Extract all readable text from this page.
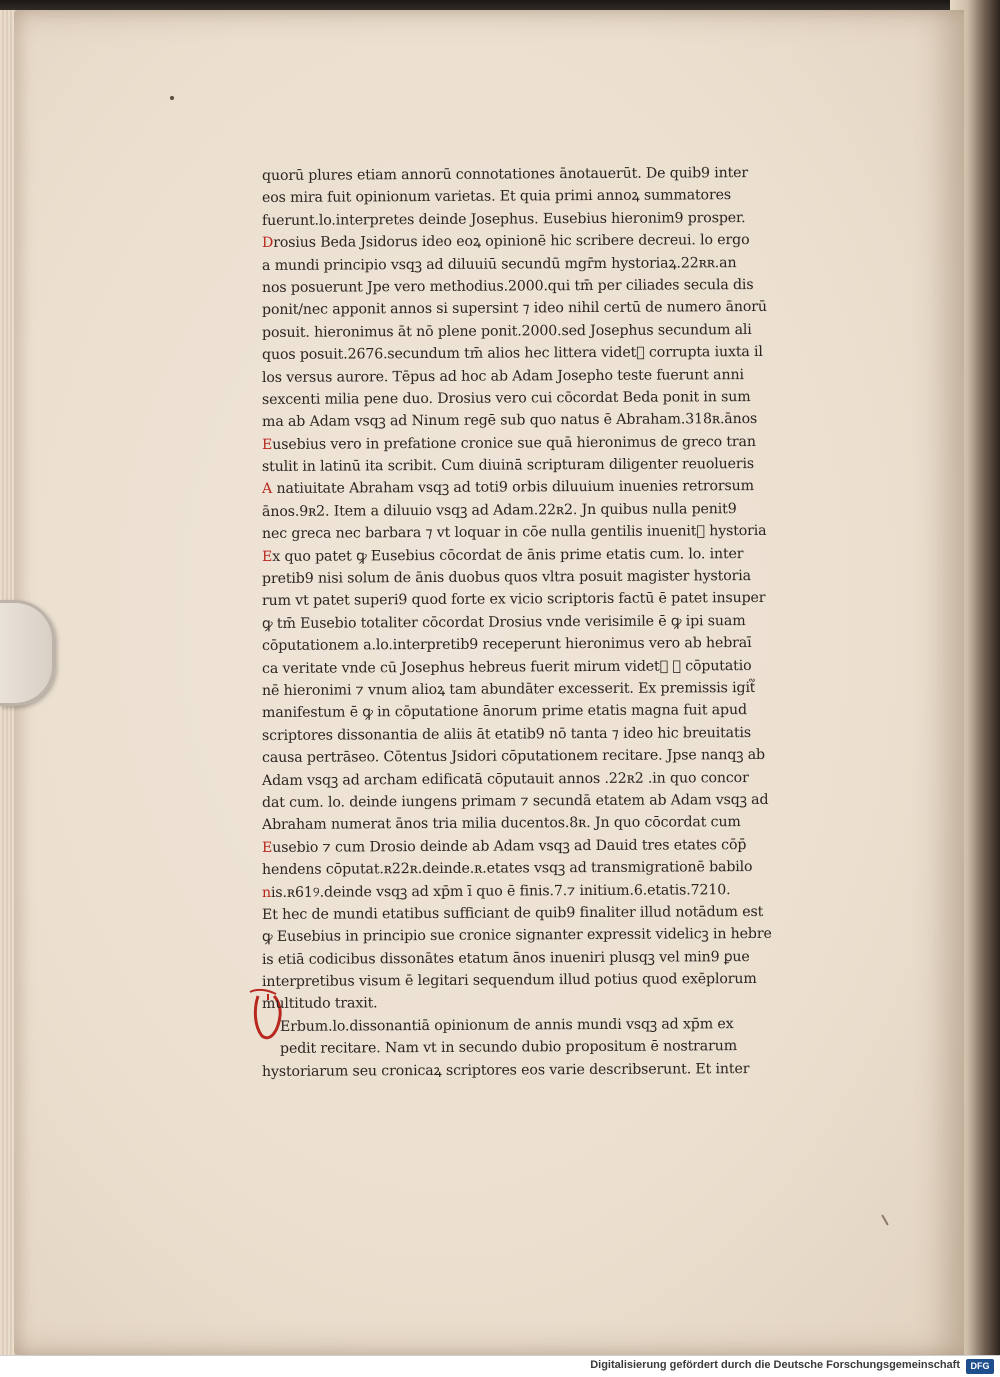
quorū plures etiam annorū connotationes ānotauerūt. De quib9 inter
eos mira fuit opinionum varietas. Et quia primi annoꝝ summatores
fuerunt.lo.interpretes deinde Josephus. Eusebius hieronim9 prosper.
Drosius Beda Jsidorus ideo eoꝝ opinionē hic scribere decreui. lo ergo
a mundi principio vsqꝫ ad diluuiū secundū mgr̄m hystoriaꝝ.22ʀʀ.an
nos posuerunt Jpe vero methodius.2000.qui tm̄ per ciliades secula dis
ponit/nec apponit annos si supersint ⁊ ideo nihil certū de numero ānorū
posuit. hieronimus āt nō plene ponit.2000.sed Josephus secundum ali
quos posuit.2676.secundum tm̄ alios hec littera videt᷑ corrupta iuxta il
los versus aurore. Tēpus ad hoc ab Adam Josepho teste fuerunt anni
sexcenti milia pene duo. Drosius vero cui cōcordat Beda ponit in sum
ma ab Adam vsqꝫ ad Ninum regē sub quo natus ē Abraham.318ʀ.ānos
Eusebius vero in prefatione cronice sue quā hieronimus de greco tran
stulit in latinū ita scribit. Cum diuinā scripturam diligenter reuolueris
A natiuitate Abraham vsqꝫ ad toti9 orbis diluuium inuenies retrorsum
ānos.9ʀ2. Item a diluuio vsqꝫ ad Adam.22ʀ2. Jn quibus nulla penit9
nec greca nec barbara ⁊ vt loquar in cōe nulla gentilis inuenit᷑ hystoria
Ex quo patet ꝙ Eusebius cōcordat de ānis prime etatis cum. lo. inter
pretib9 nisi solum de ānis duobus quos vltra posuit magister hystoria
rum vt patet superi9 quod forte ex vicio scriptoris factū ē patet insuper
ꝙ tm̄ Eusebio totaliter cōcordat Drosius vnde verisimile ē ꝙ ipi suam
cōputationem a.lo.interpretib9 receperunt hieronimus vero ab hebraī
ca veritate vnde cū Josephus hebreus fuerit mirum videt᷑ ꝙ cōputatio
nē hieronimi ⁊ vnum alioꝝ tam abundāter excesserit. Ex premissis igit᷑
manifestum ē ꝙ in cōputatione ānorum prime etatis magna fuit apud
scriptores dissonantia de aliis āt etatib9 nō tanta ⁊ ideo hic breuitatis
causa pertrāseo. Cōtentus Jsidori cōputationem recitare. Jpse nanqꝫ ab
Adam vsqꝫ ad archam edificatā cōputauit annos .22ʀ2 .in quo concor
dat cum. lo. deinde iungens primam ⁊ secundā etatem ab Adam vsqꝫ ad
Abraham numerat ānos tria milia ducentos.8ʀ. Jn quo cōcordat cum
Eusebio ⁊ cum Drosio deinde ab Adam vsqꝫ ad Dauid tres etates cōp̄
hendens cōputat.ʀ22ʀ.deinde.ʀ.etates vsqꝫ ad transmigrationē babilo
nis.ʀ61୨.deinde vsqꝫ ad xp̄m ī quo ē finis.7.⁊ initium.6.etatis.7210.
Et hec de mundi etatibus sufficiant de quib9 finaliter illud notādum est
ꝙ Eusebius in principio sue cronice signanter expressit videlicꝫ in hebre
is etiā codicibus dissonātes etatum ānos inueniri plusqꝫ vel min9 ꝑue
interpretibus visum ē legitari sequendum illud potius quod exēplorum
multitudo traxit.
Erbum.lo.dissonantiā opinionum de annis mundi vsqꝫ ad xp̄m ex
pedit recitare. Nam vt in secundo dubio propositum ē nostrarum
hystoriarum seu cronicaꝝ scriptores eos varie describserunt. Et inter
Digitalisierung gefördert durch die Deutsche Forschungsgemeinschaft	DFG
